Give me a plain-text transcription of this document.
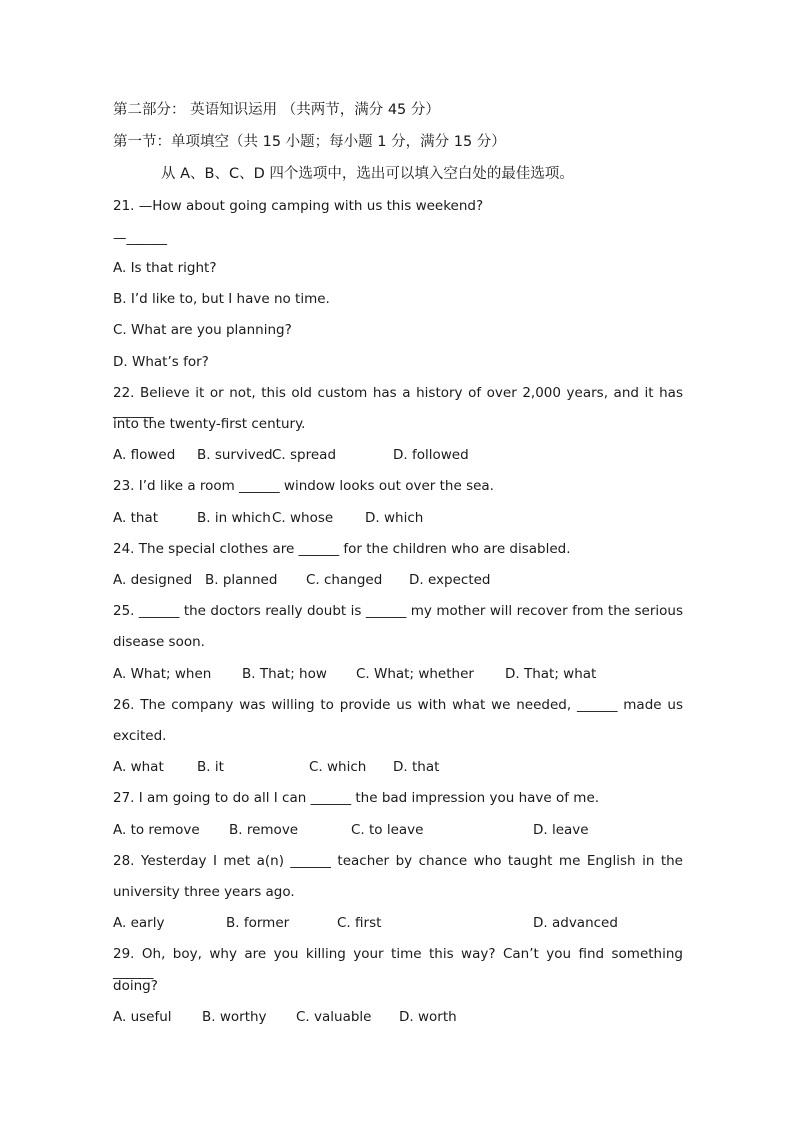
第二部分： 英语知识运用 （共两节，满分 45 分）
第一节：单项填空（共 15 小题；每小题 1 分，满分 15 分）
从 A、B、C、D 四个选项中，选出可以填入空白处的最佳选项。
21. —How about going camping with us this weekend?
—______
A. Is that right?
B. I’d like to, but I have no time.
C. What are you planning?
D. What’s for?
22. Believe it or not, this old custom has a history of over 2,000 years, and it has ______
into the twenty-first century.

A. flowed

B. survived

C. spread

	D. followed

23. I’d like a room ______ window looks out over the sea.

A. that

	B. in which

C. whose

D. which

24. The special clothes are ______ for the children who are disabled.

A. designed

B. planned

C. changed

D. expected

25. ______ the doctors really doubt is ______ my mother will recover from the serious
disease soon.

A. What; when

B. That; how

C. What; whether

D. That; what

26. The company was willing to provide us with what we needed, ______ made us
excited.

A. what

B. it

	C. which

D. that

27. I am going to do all I can ______ the bad impression you have of me.

A. to remove

B. remove

	C. to leave

	D. leave

28. Yesterday I met a(n) ______ teacher by chance who taught me English in the
university three years ago.

A. early

	B. former

	C. first

	D. advanced

29. Oh, boy, why are you killing your time this way? Can’t you find something ______
doing?

A. useful

B. worthy

C. valuable

D. worth
